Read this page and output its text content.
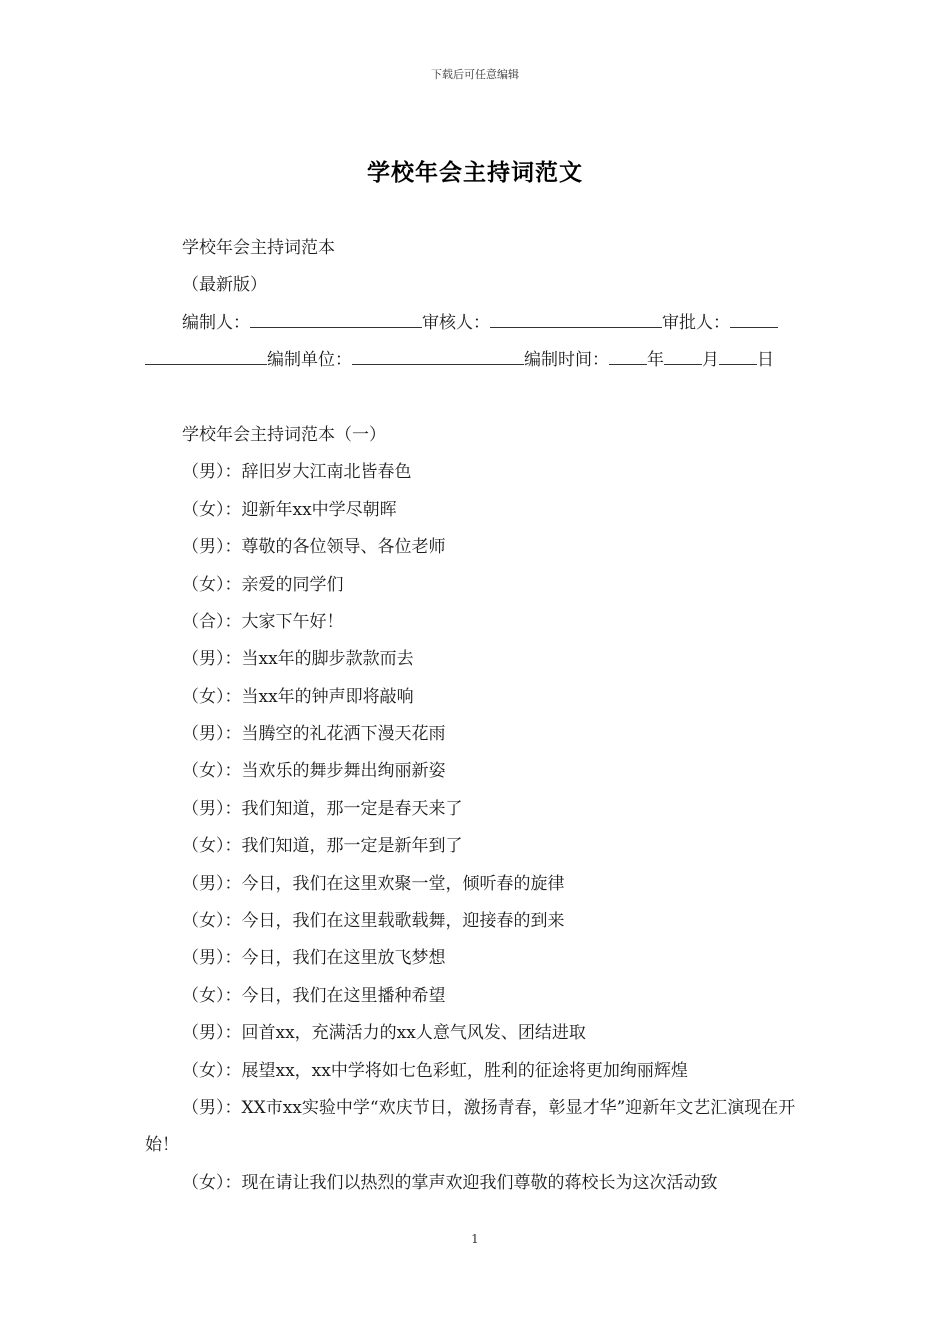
下载后可任意编辑
学校年会主持词范文
学校年会主持词范本
（最新版）
编制人：	审核人：	审批人：
编制单位：	编制时间： 年 月 日
学校年会主持词范本（一）
（男）：辞旧岁大江南北皆春色
（女）：迎新年xx中学尽朝晖
（男）：尊敬的各位领导、各位老师
（女）：亲爱的同学们
（合）：大家下午好！
（男）：当xx年的脚步款款而去
（女）：当xx年的钟声即将敲响
（男）：当腾空的礼花洒下漫天花雨
（女）：当欢乐的舞步舞出绚丽新姿
（男）：我们知道，那一定是春天来了
（女）：我们知道，那一定是新年到了
（男）：今日，我们在这里欢聚一堂，倾听春的旋律
（女）：今日，我们在这里载歌载舞，迎接春的到来
（男）：今日，我们在这里放飞梦想
（女）：今日，我们在这里播种希望
（男）：回首xx，充满活力的xx人意气风发、团结进取
（女）：展望xx，xx中学将如七色彩虹，胜利的征途将更加绚丽辉煌
（男）：XX市xx实验中学“欢庆节日，激扬青春，彰显才华”迎新年文艺汇演现在开始！
（女）：现在请让我们以热烈的掌声欢迎我们尊敬的蒋校长为这次活动致
1
